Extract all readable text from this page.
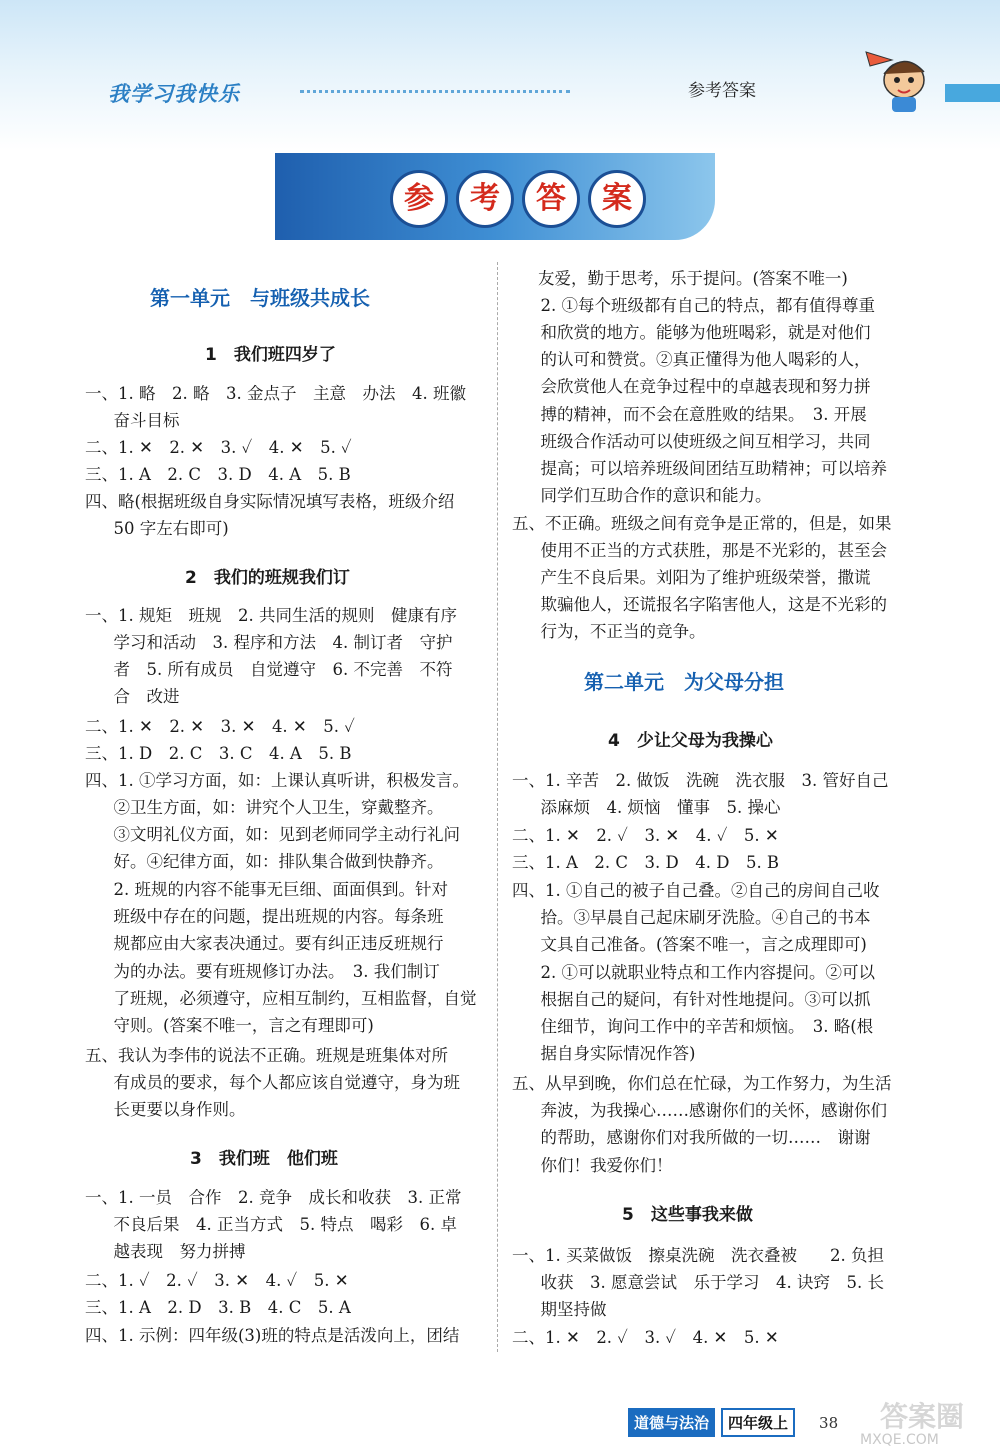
我学习我快乐	参考答案
参	考	答	案
第一单元　与班级共成长
1　我们班四岁了
一、1. 略　2. 略　3. 金点子　主意　办法　4. 班徽
　奋斗目标
二、1. ✕　2. ✕　3. ✓　4. ✕　5. ✓
三、1. A　2. C　3. D　4. A　5. B
四、略(根据班级自身实际情况填写表格，班级介绍
　50 字左右即可)
2　我们的班规我们订
一、1. 规矩　班规　2. 共同生活的规则　健康有序
　学习和活动　3. 程序和方法　4. 制订者　守护
　者　5. 所有成员　自觉遵守　6. 不完善　不符
　合　改进
二、1. ✕　2. ✕　3. ✕　4. ✕　5. ✓
三、1. D　2. C　3. C　4. A　5. B
四、1. ①学习方面，如：上课认真听讲，积极发言。
　②卫生方面，如：讲究个人卫生，穿戴整齐。
　③文明礼仪方面，如：见到老师同学主动行礼问
　好。④纪律方面，如：排队集合做到快静齐。
　2. 班规的内容不能事无巨细、面面俱到。针对
　班级中存在的问题，提出班规的内容。每条班
　规都应由大家表决通过。要有纠正违反班规行
　为的办法。要有班规修订办法。　3. 我们制订
　了班规，必须遵守，应相互制约，互相监督，自觉
　守则。(答案不唯一，言之有理即可)
五、我认为李伟的说法不正确。班规是班集体对所
　有成员的要求，每个人都应该自觉遵守，身为班
　长更要以身作则。
3　我们班　他们班
一、1. 一员　合作　2. 竞争　成长和收获　3. 正常
　不良后果　4. 正当方式　5. 特点　喝彩　6. 卓
　越表现　努力拼搏
二、1. ✓　2. ✓　3. ✕　4. ✓　5. ✕
三、1. A　2. D　3. B　4. C　5. A
四、1. 示例：四年级(3)班的特点是活泼向上，团结
友爱，勤于思考，乐于提问。(答案不唯一)
　2. ①每个班级都有自己的特点，都有值得尊重
　和欣赏的地方。能够为他班喝彩，就是对他们
　的认可和赞赏。②真正懂得为他人喝彩的人，
　会欣赏他人在竞争过程中的卓越表现和努力拼
　搏的精神，而不会在意胜败的结果。　3. 开展
　班级合作活动可以使班级之间互相学习，共同
　提高；可以培养班级间团结互助精神；可以培养
　同学们互助合作的意识和能力。
五、不正确。班级之间有竞争是正常的，但是，如果
　使用不正当的方式获胜，那是不光彩的，甚至会
　产生不良后果。刘阳为了维护班级荣誉，撒谎
　欺骗他人，还谎报名字陷害他人，这是不光彩的
　行为，不正当的竞争。
第二单元　为父母分担
4　少让父母为我操心
一、1. 辛苦　2. 做饭　洗碗　洗衣服　3. 管好自己
　添麻烦　4. 烦恼　懂事　5. 操心
二、1. ✕　2. ✓　3. ✕　4. ✓　5. ✕
三、1. A　2. C　3. D　4. D　5. B
四、1. ①自己的被子自己叠。②自己的房间自己收
　拾。③早晨自己起床刷牙洗脸。④自己的书本
　文具自己准备。(答案不唯一，言之成理即可)
　2. ①可以就职业特点和工作内容提问。②可以
　根据自己的疑问，有针对性地提问。③可以抓
　住细节，询问工作中的辛苦和烦恼。　3. 略(根
　据自身实际情况作答)
五、从早到晚，你们总在忙碌，为工作努力，为生活
　奔波，为我操心……感谢你们的关怀，感谢你们
　的帮助，感谢你们对我所做的一切……　谢谢
　你们！我爱你们！
5　这些事我来做
一、1. 买菜做饭　擦桌洗碗　洗衣叠被　　2. 负担
　收获　3. 愿意尝试　乐于学习　4. 诀窍　5. 长
　期坚持做
二、1. ✕　2. ✓　3. ✓　4. ✕　5. ✕
道德与法治	四年级上	38 答案圈
MXQE.COM
